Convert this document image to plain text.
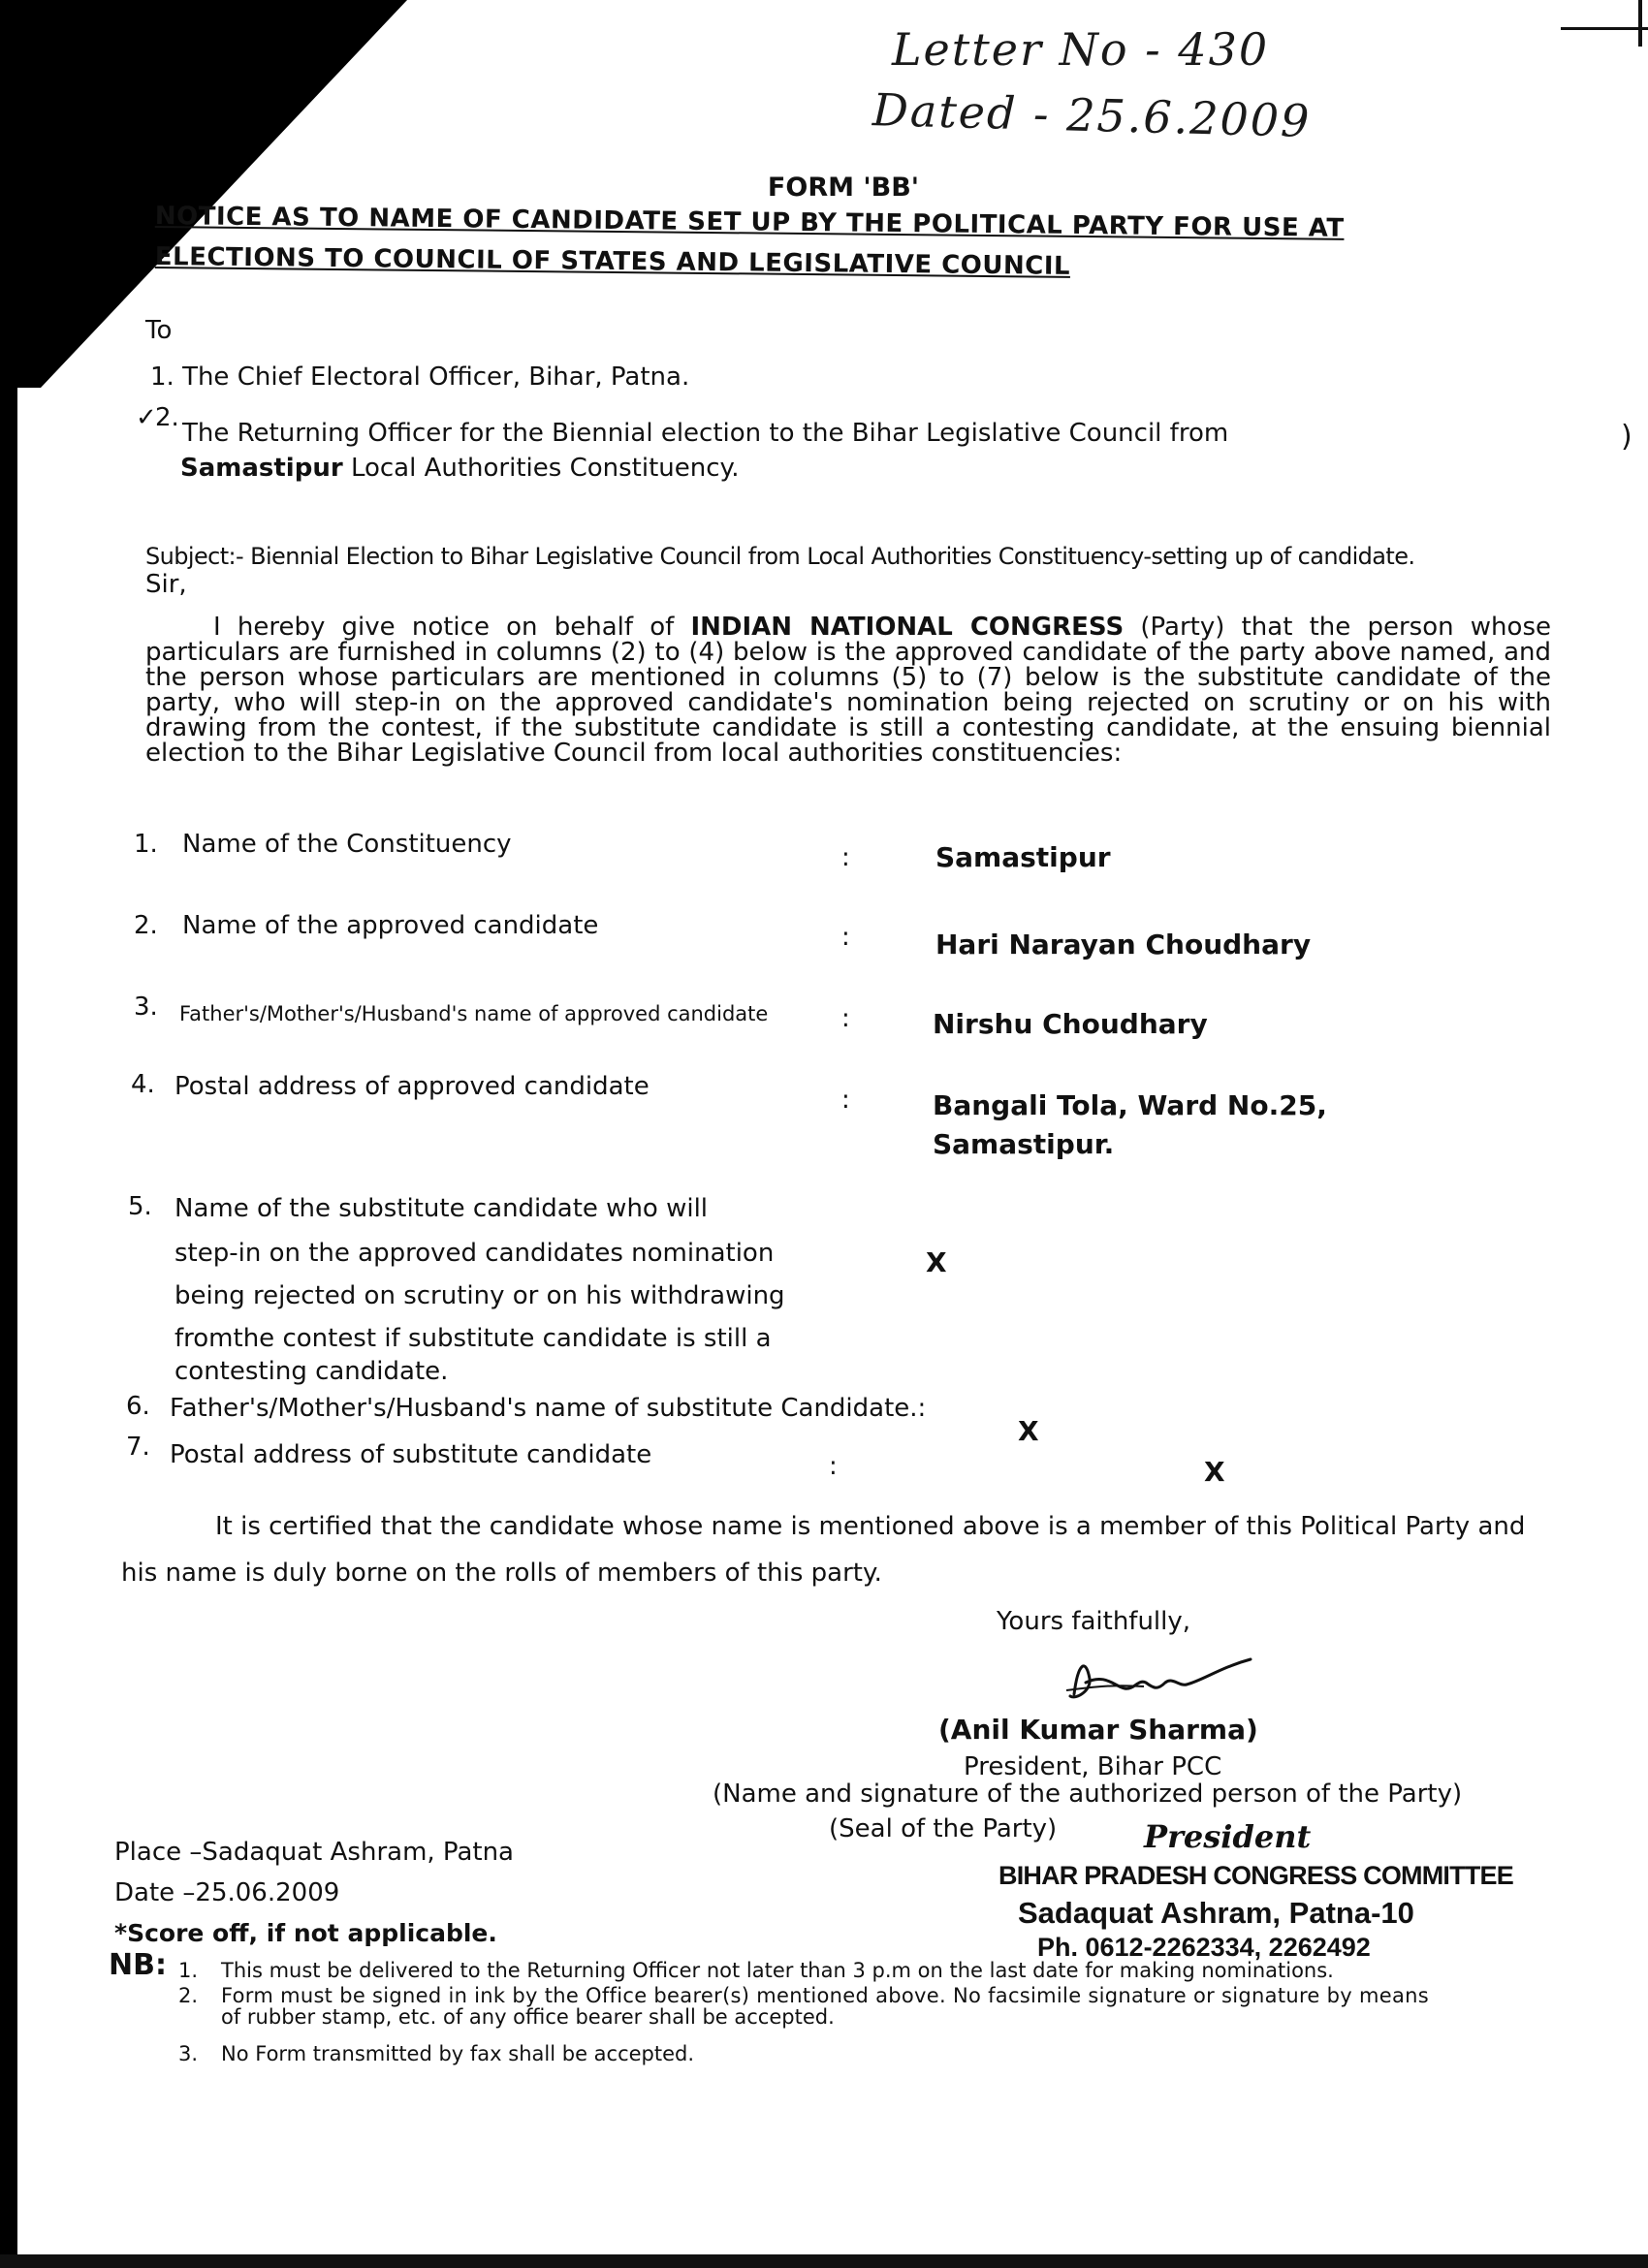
Letter No - 430
Dated - 25.6.2009
FORM 'BB'
NOTICE AS TO NAME OF CANDIDATE SET UP BY THE POLITICAL PARTY FOR USE AT
ELECTIONS TO COUNCIL OF STATES AND LEGISLATIVE COUNCIL
To
1. The Chief Electoral Officer, Bihar, Patna.
✓
2.
The Returning Officer for the Biennial election to the Bihar Legislative Council from
Samastipur Local Authorities Constituency.
)
Subject:- Biennial Election to Bihar Legislative Council from Local Authorities Constituency-setting up of candidate.
Sir,
I hereby give notice on behalf of INDIAN NATIONAL CONGRESS (Party) that the person whose particulars are furnished in columns (2) to (4) below is the approved candidate of the party above named, and the person whose particulars are mentioned in columns (5) to (7) below is the substitute candidate of the party, who will step-in on the approved candidate's nomination being rejected on scrutiny or on his with drawing from the contest, if the substitute candidate is still a contesting candidate, at the ensuing biennial election to the Bihar Legislative Council from local authorities constituencies:
1. Name of the Constituency	:	Samastipur
2. Name of the approved candidate	:	Hari Narayan Choudhary
3. Father's/Mother's/Husband's name of approved candidate	:	Nirshu Choudhary
4. Postal address of approved candidate	:	Bangali Tola, Ward No.25,
Samastipur.
5. Name of the substitute candidate who will
step-in on the approved candidates nomination
being rejected on scrutiny or on his withdrawing
fromthe contest if substitute candidate is still a
contesting candidate.
X
6. Father's/Mother's/Husband's name of substitute Candidate.:
X
7. Postal address of substitute candidate	:	X
It is certified that the candidate whose name is mentioned above is a member of this Political Party and
his name is duly borne on the rolls of members of this party.
Yours faithfully,
(Anil Kumar Sharma)
President, Bihar PCC
(Name and signature of the authorized person of the Party)
(Seal of the Party)
Place –Sadaquat Ashram, Patna
Date –25.06.2009
*Score off, if not applicable.
President
BIHAR PRADESH CONGRESS COMMITTEE
Sadaquat Ashram, Patna-10
Ph. 0612-2262334, 2262492
NB: 1. This must be delivered to the Returning Officer not later than 3 p.m on the last date for making nominations.
2. Form must be signed in ink by the Office bearer(s) mentioned above. No facsimile signature or signature by means
of rubber stamp, etc. of any office bearer shall be accepted.
3. No Form transmitted by fax shall be accepted.
